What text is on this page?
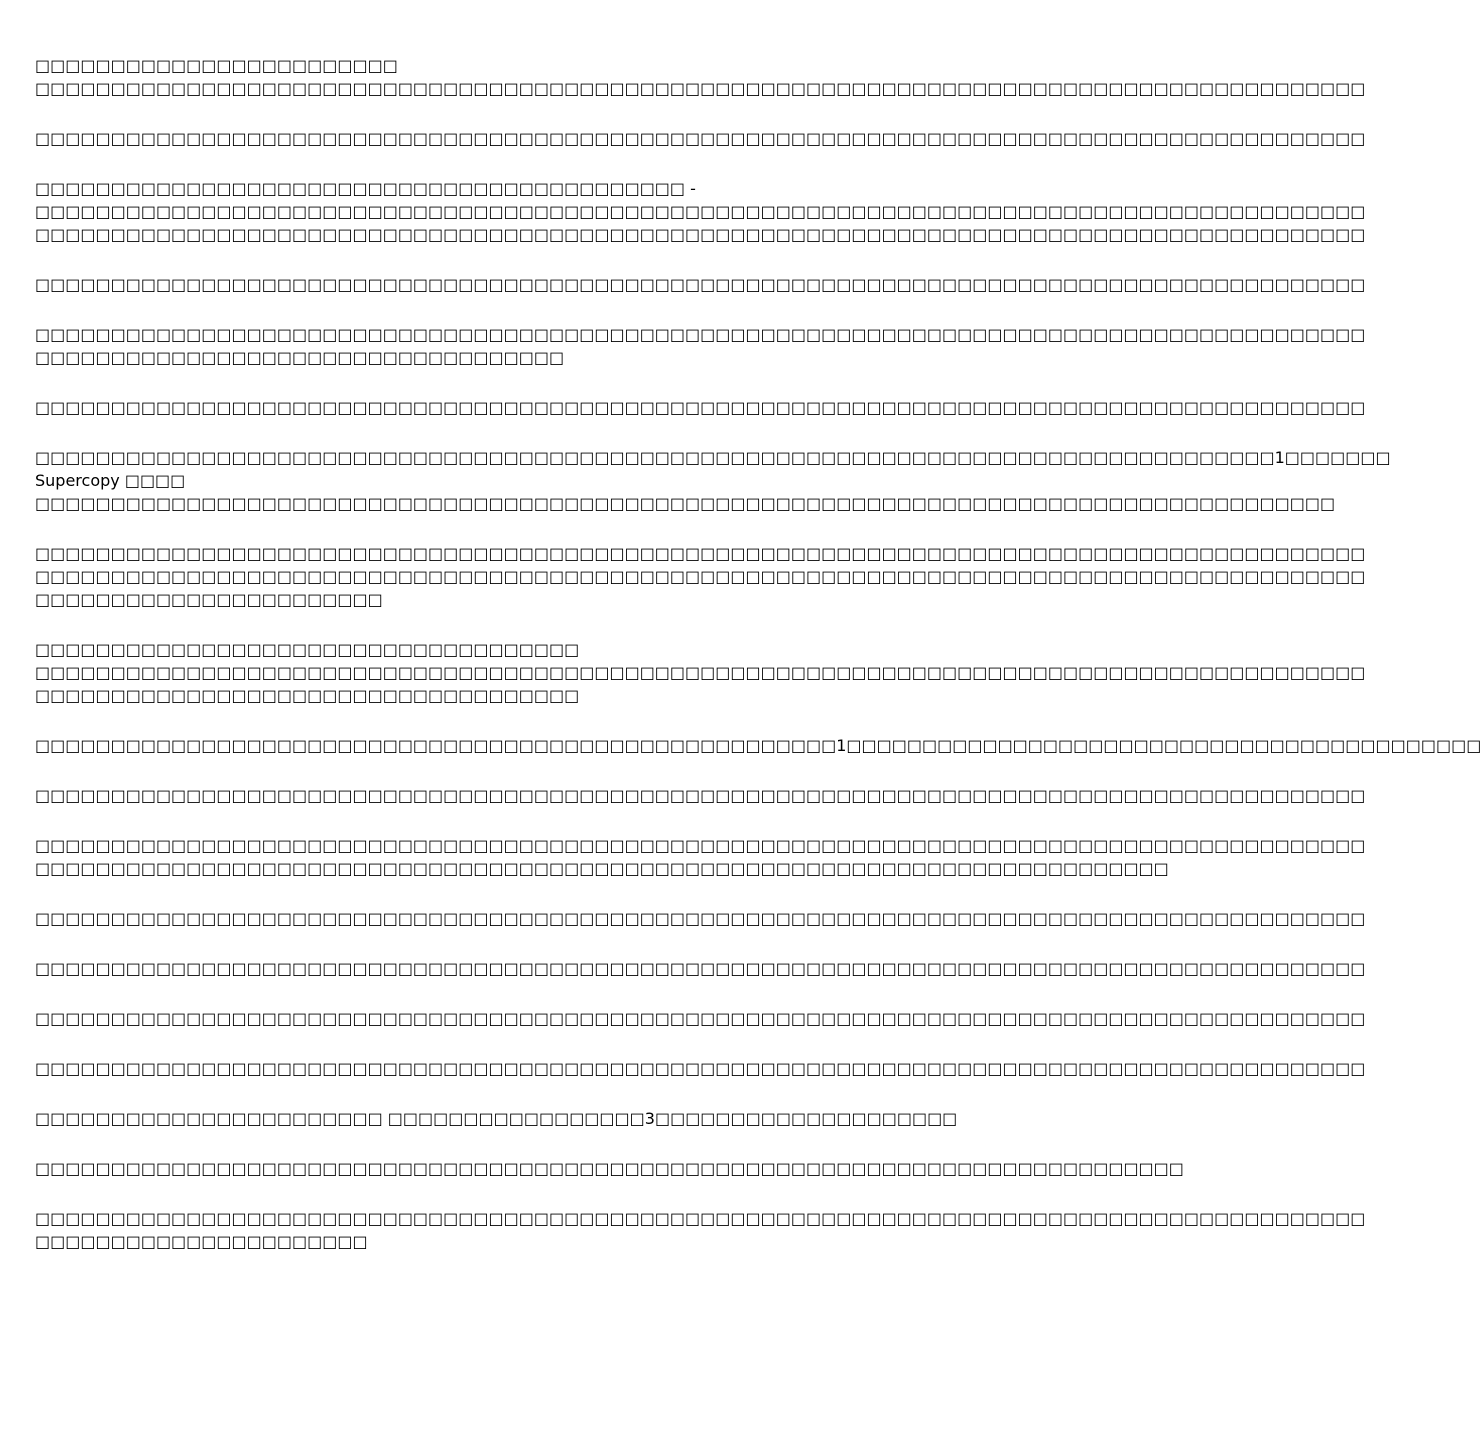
□□□□□□□□□□□□□□□□□□□□□□□□
□□□□□□□□□□□□□□□□□□□□□□□□□□□□□□□□□□□□□□□□□□□□□□□□□□□□□□□□□□□□□□□□□□□□□□□□□□□□□□□□□□□□□□□□
□□□□□□□□□□□□□□□□□□□□□□□□□□□□□□□□□□□□□□□□□□□□□□□□□□□□□□□□□□□□□□□□□□□□□□□□□□□□□□□□□□□□□□□□
□□□□□□□□□□□□□□□□□□□□□□□□□□□□□□□□□□□□□□□□□□□ -
□□□□□□□□□□□□□□□□□□□□□□□□□□□□□□□□□□□□□□□□□□□□□□□□□□□□□□□□□□□□□□□□□□□□□□□□□□□□□□□□□□□□□□□□
□□□□□□□□□□□□□□□□□□□□□□□□□□□□□□□□□□□□□□□□□□□□□□□□□□□□□□□□□□□□□□□□□□□□□□□□□□□□□□□□□□□□□□□□
□□□□□□□□□□□□□□□□□□□□□□□□□□□□□□□□□□□□□□□□□□□□□□□□□□□□□□□□□□□□□□□□□□□□□□□□□□□□□□□□□□□□□□□□
□□□□□□□□□□□□□□□□□□□□□□□□□□□□□□□□□□□□□□□□□□□□□□□□□□□□□□□□□□□□□□□□□□□□□□□□□□□□□□□□□□□□□□□□
□□□□□□□□□□□□□□□□□□□□□□□□□□□□□□□□□□□
□□□□□□□□□□□□□□□□□□□□□□□□□□□□□□□□□□□□□□□□□□□□□□□□□□□□□□□□□□□□□□□□□□□□□□□□□□□□□□□□□□□□□□□□
□□□□□□□□□□□□□□□□□□□□□□□□□□□□□□□□□□□□□□□□□□□□□□□□□□□□□□□□□□□□□□□□□□□□□□□□□□□□□□□□□□1□□□□□□□
Supercopy □□□□
□□□□□□□□□□□□□□□□□□□□□□□□□□□□□□□□□□□□□□□□□□□□□□□□□□□□□□□□□□□□□□□□□□□□□□□□□□□□□□□□□□□□□□
□□□□□□□□□□□□□□□□□□□□□□□□□□□□□□□□□□□□□□□□□□□□□□□□□□□□□□□□□□□□□□□□□□□□□□□□□□□□□□□□□□□□□□□□
□□□□□□□□□□□□□□□□□□□□□□□□□□□□□□□□□□□□□□□□□□□□□□□□□□□□□□□□□□□□□□□□□□□□□□□□□□□□□□□□□□□□□□□□
□□□□□□□□□□□□□□□□□□□□□□□
□□□□□□□□□□□□□□□□□□□□□□□□□□□□□□□□□□□□
□□□□□□□□□□□□□□□□□□□□□□□□□□□□□□□□□□□□□□□□□□□□□□□□□□□□□□□□□□□□□□□□□□□□□□□□□□□□□□□□□□□□□□□□
□□□□□□□□□□□□□□□□□□□□□□□□□□□□□□□□□□□□
□□□□□□□□□□□□□□□□□□□□□□□□□□□□□□□□□□□□□□□□□□□□□□□□□□□□□1□□□□□□□□□□□□□□□□□□□□□□□□□□□□□□□□□□□□□□□□□□
□□□□□□□□□□□□□□□□□□□□□□□□□□□□□□□□□□□□□□□□□□□□□□□□□□□□□□□□□□□□□□□□□□□□□□□□□□□□□□□□□□□□□□□□
□□□□□□□□□□□□□□□□□□□□□□□□□□□□□□□□□□□□□□□□□□□□□□□□□□□□□□□□□□□□□□□□□□□□□□□□□□□□□□□□□□□□□□□□
□□□□□□□□□□□□□□□□□□□□□□□□□□□□□□□□□□□□□□□□□□□□□□□□□□□□□□□□□□□□□□□□□□□□□□□□□□□
□□□□□□□□□□□□□□□□□□□□□□□□□□□□□□□□□□□□□□□□□□□□□□□□□□□□□□□□□□□□□□□□□□□□□□□□□□□□□□□□□□□□□□□□
□□□□□□□□□□□□□□□□□□□□□□□□□□□□□□□□□□□□□□□□□□□□□□□□□□□□□□□□□□□□□□□□□□□□□□□□□□□□□□□□□□□□□□□□
□□□□□□□□□□□□□□□□□□□□□□□□□□□□□□□□□□□□□□□□□□□□□□□□□□□□□□□□□□□□□□□□□□□□□□□□□□□□□□□□□□□□□□□□
□□□□□□□□□□□□□□□□□□□□□□□□□□□□□□□□□□□□□□□□□□□□□□□□□□□□□□□□□□□□□□□□□□□□□□□□□□□□□□□□□□□□□□□□
□□□□□□□□□□□□□□□□□□□□□□□ □□□□□□□□□□□□□□□□□3□□□□□□□□□□□□□□□□□□□□
□□□□□□□□□□□□□□□□□□□□□□□□□□□□□□□□□□□□□□□□□□□□□□□□□□□□□□□□□□□□□□□□□□□□□□□□□□□□
□□□□□□□□□□□□□□□□□□□□□□□□□□□□□□□□□□□□□□□□□□□□□□□□□□□□□□□□□□□□□□□□□□□□□□□□□□□□□□□□□□□□□□□□
□□□□□□□□□□□□□□□□□□□□□□
